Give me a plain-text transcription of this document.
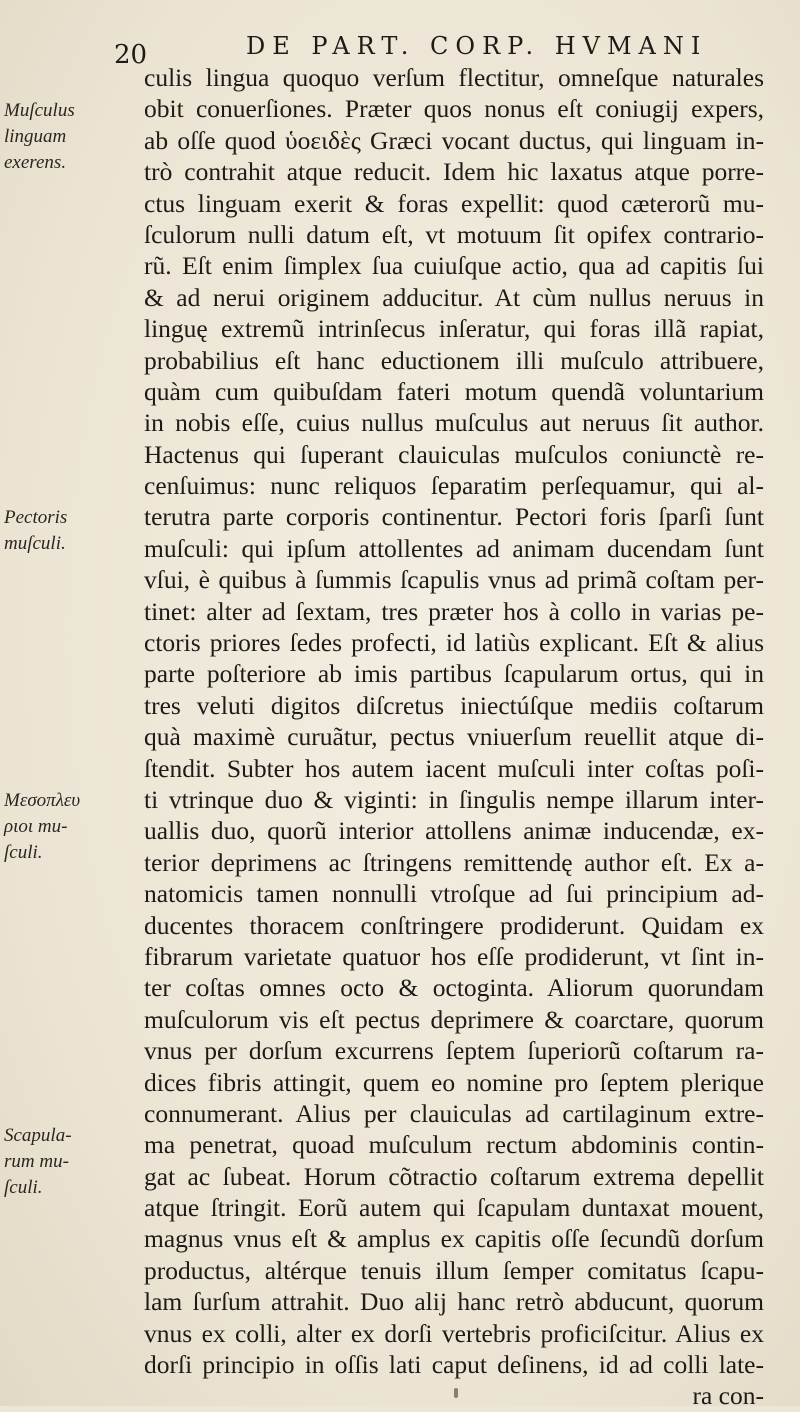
20	DE PART. CORP. HVMANI
culis lingua quoquo verſum flectitur, omneſque naturales
obit conuerſiones. Præter quos nonus eſt coniugij expers,
ab oſſe quod ὑοειδὲς Græci vocant ductus, qui linguam in-
trò contrahit atque reducit. Idem hic laxatus atque porre-
ctus linguam exerit & foras expellit: quod cæterorũ mu-
ſculorum nulli datum eſt, vt motuum ſit opifex contrario-
rũ. Eſt enim ſimplex ſua cuiuſque actio, qua ad capitis ſui
& ad nerui originem adducitur. At cùm nullus neruus in
linguę extremũ intrinſecus inſeratur, qui foras illã rapiat,
probabilius eſt hanc eductionem illi muſculo attribuere,
quàm cum quibuſdam fateri motum quendã voluntarium
in nobis eſſe, cuius nullus muſculus aut neruus ſit author.
Hactenus qui ſuperant clauiculas muſculos coniunctè re-
cenſuimus: nunc reliquos ſeparatim perſequamur, qui al-
terutra parte corporis continentur. Pectori foris ſparſi ſunt
muſculi: qui ipſum attollentes ad animam ducendam ſunt
vſui, è quibus à ſummis ſcapulis vnus ad primã coſtam per-
tinet: alter ad ſextam, tres præter hos à collo in varias pe-
ctoris priores ſedes profecti, id latiùs explicant. Eſt & alius
parte poſteriore ab imis partibus ſcapularum ortus, qui in
tres veluti digitos diſcretus iniectúſque mediis coſtarum
quà maximè curuãtur, pectus vniuerſum reuellit atque di-
ſtendit. Subter hos autem iacent muſculi inter coſtas poſi-
ti vtrinque duo & viginti: in ſingulis nempe illarum inter-
uallis duo, quorũ interior attollens animæ inducendæ, ex-
terior deprimens ac ſtringens remittendę author eſt. Ex a-
natomicis tamen nonnulli vtroſque ad ſui principium ad-
ducentes thoracem conſtringere prodiderunt. Quidam ex
fibrarum varietate quatuor hos eſſe prodiderunt, vt ſint in-
ter coſtas omnes octo & octoginta. Aliorum quorundam
muſculorum vis eſt pectus deprimere & coarctare, quorum
vnus per dorſum excurrens ſeptem ſuperiorũ coſtarum ra-
dices fibris attingit, quem eo nomine pro ſeptem plerique
connumerant. Alius per clauiculas ad cartilaginum extre-
ma penetrat, quoad muſculum rectum abdominis contin-
gat ac ſubeat. Horum cõtractio coſtarum extrema depellit
atque ſtringit. Eorũ autem qui ſcapulam duntaxat mouent,
magnus vnus eſt & amplus ex capitis oſſe ſecundũ dorſum
productus, altérque tenuis illum ſemper comitatus ſcapu-
lam ſurſum attrahit. Duo alij hanc retrò abducunt, quorum
vnus ex colli, alter ex dorſi vertebris proficiſcitur. Alius ex
dorſi principio in oſſis lati caput deſinens, id ad colli late-
ra con-
Muſculus
linguam
exerens.
Pectoris
muſculi.
Μεσοπλευ
ριοι mu-
ſculi.
Scapula-
rum mu-
ſculi.
